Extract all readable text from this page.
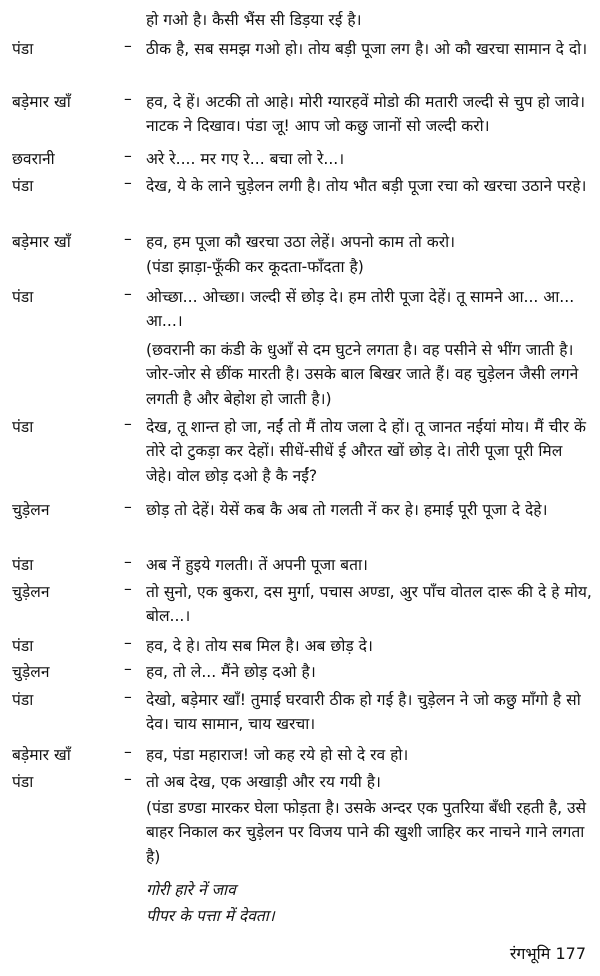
हो गओ है। कैसी भैंस सी डिड़या रई है।
पंडा	– ठीक है, सब समझ गओ हो। तोय बड़ी पूजा लग है। ओ कौ खरचा सामान दे दो।
बड़ेमार खाँ	– हव, दे हें। अटकी तो आहे। मोरी ग्यारहवें मोडो की मतारी जल्दी से चुप हो जावे। नाटक ने दिखाव। पंडा जू! आप जो कछु जानों सो जल्दी करो।
छवरानी	– अरे रे.... मर गए रे... बचा लो रे...।
पंडा	– देख, ये के लाने चुड़ेलन लगी है। तोय भौत बड़ी पूजा रचा को खरचा उठाने परहे।
बड़ेमार खाँ	– हव, हम पूजा कौ खरचा उठा लेहें। अपनो काम तो करो।
(पंडा झाड़ा-फूँकी कर कूदता-फाँदता है)
पंडा	– ओच्छा... ओच्छा। जल्दी सें छोड़ दे। हम तोरी पूजा देहें। तू सामने आ... आ... आ...।
(छवरानी का कंडी के धुआँ से दम घुटने लगता है। वह पसीने से भींग जाती है। जोर-जोर से छींक मारती है। उसके बाल बिखर जाते हैं। वह चुड़ेलन जैसी लगने लगती है और बेहोश हो जाती है।)
पंडा	– देख, तू शान्त हो जा, नईं तो मैं तोय जला दे हों। तू जानत नईयां मोय। मैं चीर कें तोरे दो टुकड़ा कर देहों। सीधें-सीधें ई औरत खों छोड़ दे। तोरी पूजा पूरी मिल जेहे। वोल छोड़ दओ है कै नईं?
चुड़ेलन	– छोड़ तो देहें। येसें कब कै अब तो गलती नें कर हे। हमाई पूरी पूजा दे देहे।
पंडा	– अब नें हुइये गलती। तें अपनी पूजा बता।
चुड़ेलन	– तो सुनो, एक बुकरा, दस मुर्गा, पचास अण्डा, अुर पाँच वोतल दारू की दे हे मोय, बोल...।
पंडा	– हव, दे हे। तोय सब मिल है। अब छोड़ दे।
चुड़ेलन	– हव, तो ले... मैंने छोड़ दओ है।
पंडा	– देखो, बड़ेमार खाँ! तुमाई घरवारी ठीक हो गई है। चुड़ेलन ने जो कछु माँगो है सो देव। चाय सामान, चाय खरचा।
बड़ेमार खाँ	– हव, पंडा महाराज! जो कह रये हो सो दे रव हो।
पंडा	– तो अब देख, एक अखाड़ी और रय गयी है।
(पंडा डण्डा मारकर घेला फोड़ता है। उसके अन्दर एक पुतरिया बँधी रहती है, उसे बाहर निकाल कर चुड़ेलन पर विजय पाने की खुशी जाहिर कर नाचने गाने लगता है)
गोरी हारे नें जाव
पीपर के पत्ता में देवता।
रंगभूमि 177
